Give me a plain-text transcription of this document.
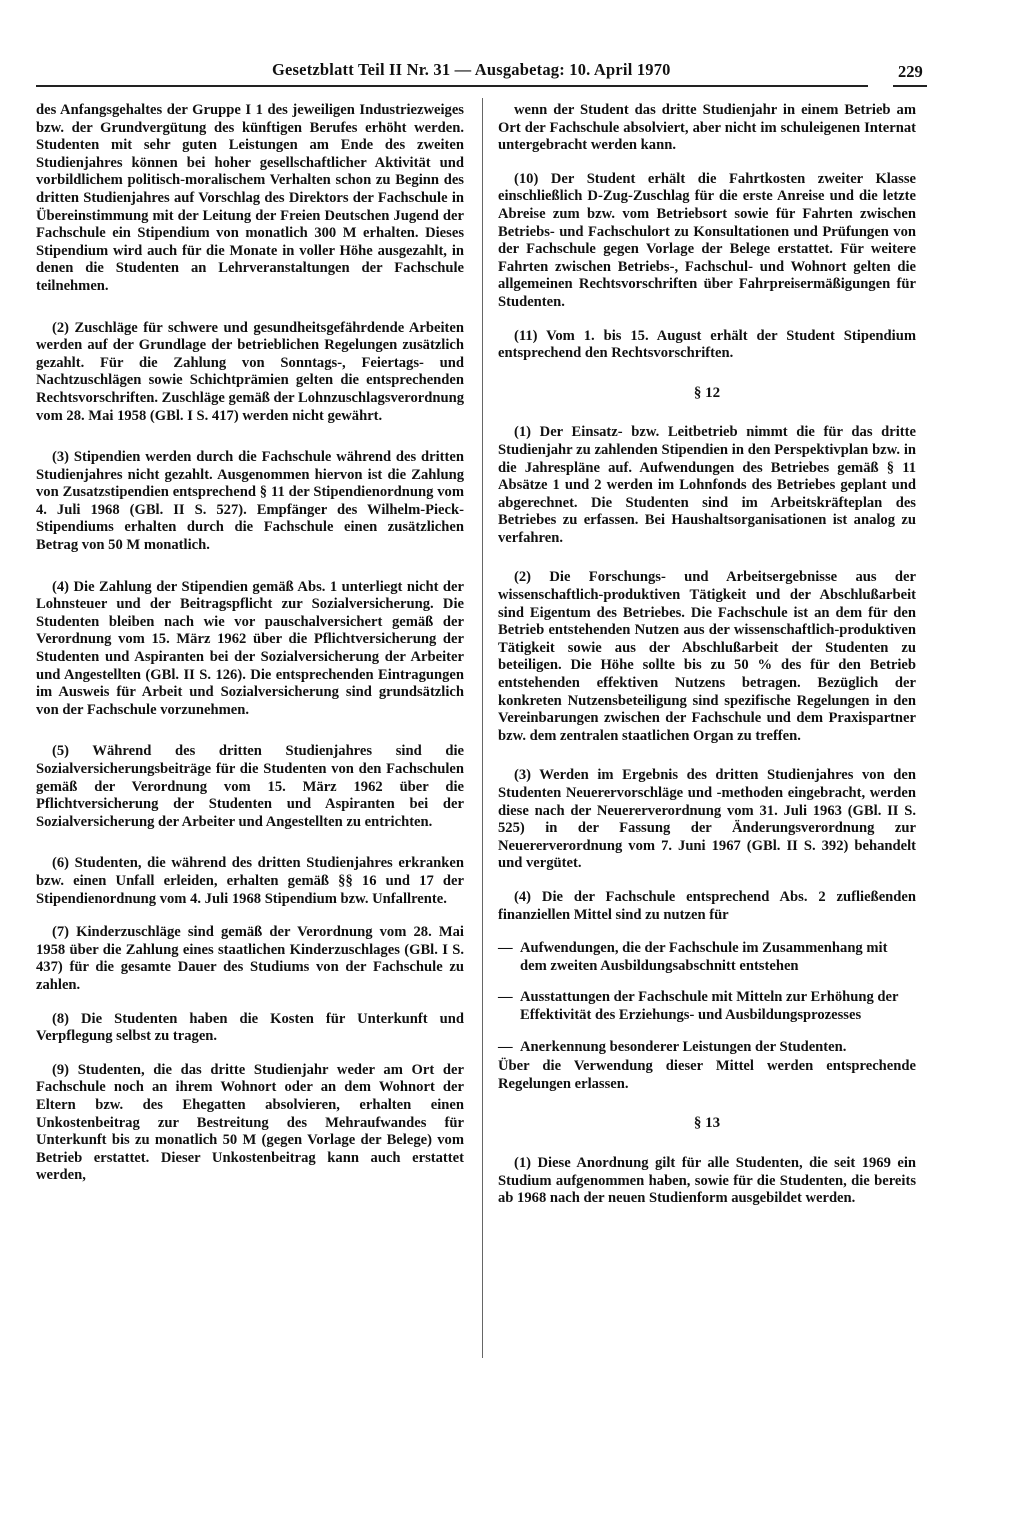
Gesetzblatt Teil II Nr. 31 — Ausgabetag: 10. April 1970	229

des Anfangsgehaltes der Gruppe I 1 des jeweiligen Industriezweiges bzw. der Grundvergütung des künftigen Berufes erhöht werden. Studenten mit sehr guten Leistungen am Ende des zweiten Studienjahres können bei hoher gesellschaftlicher Aktivität und vorbildlichem politisch-moralischem Verhalten schon zu Beginn des dritten Studienjahres auf Vorschlag des Direktors der Fachschule in Übereinstimmung mit der Leitung der Freien Deutschen Jugend der Fachschule ein Stipendium von monatlich 300 M erhalten. Dieses Stipendium wird auch für die Monate in voller Höhe ausgezahlt, in denen die Studenten an Lehrveranstaltungen der Fachschule teilnehmen.

(2) Zuschläge für schwere und gesundheitsgefährdende Arbeiten werden auf der Grundlage der betrieblichen Regelungen zusätzlich gezahlt. Für die Zahlung von Sonntags-, Feiertags- und Nachtzuschlägen sowie Schichtprämien gelten die entsprechenden Rechtsvorschriften. Zuschläge gemäß der Lohnzuschlagsverordnung vom 28. Mai 1958 (GBl. I S. 417) werden nicht gewährt.

(3) Stipendien werden durch die Fachschule während des dritten Studienjahres nicht gezahlt. Ausgenommen hiervon ist die Zahlung von Zusatzstipendien entsprechend § 11 der Stipendienordnung vom 4. Juli 1968 (GBl. II S. 527). Empfänger des Wilhelm-Pieck-Stipendiums erhalten durch die Fachschule einen zusätzlichen Betrag von 50 M monatlich.

(4) Die Zahlung der Stipendien gemäß Abs. 1 unterliegt nicht der Lohnsteuer und der Beitragspflicht zur Sozialversicherung. Die Studenten bleiben nach wie vor pauschalversichert gemäß der Verordnung vom 15. März 1962 über die Pflichtversicherung der Studenten und Aspiranten bei der Sozialversicherung der Arbeiter und Angestellten (GBl. II S. 126). Die entsprechenden Eintragungen im Ausweis für Arbeit und Sozialversicherung sind grundsätzlich von der Fachschule vorzunehmen.

(5) Während des dritten Studienjahres sind die Sozialversicherungsbeiträge für die Studenten von den Fachschulen gemäß der Verordnung vom 15. März 1962 über die Pflichtversicherung der Studenten und Aspiranten bei der Sozialversicherung der Arbeiter und Angestellten zu entrichten.

(6) Studenten, die während des dritten Studienjahres erkranken bzw. einen Unfall erleiden, erhalten gemäß §§ 16 und 17 der Stipendienordnung vom 4. Juli 1968 Stipendium bzw. Unfallrente.

(7) Kinderzuschläge sind gemäß der Verordnung vom 28. Mai 1958 über die Zahlung eines staatlichen Kinderzuschlages (GBl. I S. 437) für die gesamte Dauer des Studiums von der Fachschule zu zahlen.

(8) Die Studenten haben die Kosten für Unterkunft und Verpflegung selbst zu tragen.

(9) Studenten, die das dritte Studienjahr weder am Ort der Fachschule noch an ihrem Wohnort oder an dem Wohnort der Eltern bzw. des Ehegatten absolvieren, erhalten einen Unkostenbeitrag zur Bestreitung des Mehraufwandes für Unterkunft bis zu monatlich 50 M (gegen Vorlage der Belege) vom Betrieb erstattet. Dieser Unkostenbeitrag kann auch erstattet werden,

wenn der Student das dritte Studienjahr in einem Betrieb am Ort der Fachschule absolviert, aber nicht im schuleigenen Internat untergebracht werden kann.

(10) Der Student erhält die Fahrtkosten zweiter Klasse einschließlich D-Zug-Zuschlag für die erste Anreise und die letzte Abreise zum bzw. vom Betriebsort sowie für Fahrten zwischen Betriebs- und Fachschulort zu Konsultationen und Prüfungen von der Fachschule gegen Vorlage der Belege erstattet. Für weitere Fahrten zwischen Betriebs-, Fachschul- und Wohnort gelten die allgemeinen Rechtsvorschriften über Fahrpreisermäßigungen für Studenten.

(11) Vom 1. bis 15. August erhält der Student Stipendium entsprechend den Rechtsvorschriften.

§ 12

(1) Der Einsatz- bzw. Leitbetrieb nimmt die für das dritte Studienjahr zu zahlenden Stipendien in den Perspektivplan bzw. in die Jahrespläne auf. Aufwendungen des Betriebes gemäß § 11 Absätze 1 und 2 werden im Lohnfonds des Betriebes geplant und abgerechnet. Die Studenten sind im Arbeitskräfteplan des Betriebes zu erfassen. Bei Haushaltsorganisationen ist analog zu verfahren.

(2) Die Forschungs- und Arbeitsergebnisse aus der wissenschaftlich-produktiven Tätigkeit und der Abschlußarbeit sind Eigentum des Betriebes. Die Fachschule ist an dem für den Betrieb entstehenden Nutzen aus der wissenschaftlich-produktiven Tätigkeit sowie aus der Abschlußarbeit der Studenten zu beteiligen. Die Höhe sollte bis zu 50 % des für den Betrieb entstehenden effektiven Nutzens betragen. Bezüglich der konkreten Nutzensbeteiligung sind spezifische Regelungen in den Vereinbarungen zwischen der Fachschule und dem Praxispartner bzw. dem zentralen staatlichen Organ zu treffen.

(3) Werden im Ergebnis des dritten Studienjahres von den Studenten Neuerervorschläge und -methoden eingebracht, werden diese nach der Neuererverordnung vom 31. Juli 1963 (GBl. II S. 525) in der Fassung der Änderungsverordnung zur Neuererverordnung vom 7. Juni 1967 (GBl. II S. 392) behandelt und vergütet.

(4) Die der Fachschule entsprechend Abs. 2 zufließenden finanziellen Mittel sind zu nutzen für

— Aufwendungen, die der Fachschule im Zusammenhang mit dem zweiten Ausbildungsabschnitt entstehen
— Ausstattungen der Fachschule mit Mitteln zur Erhöhung der Effektivität des Erziehungs- und Ausbildungsprozesses
— Anerkennung besonderer Leistungen der Studenten.

Über die Verwendung dieser Mittel werden entsprechende Regelungen erlassen.

§ 13

(1) Diese Anordnung gilt für alle Studenten, die seit 1969 ein Studium aufgenommen haben, sowie für die Studenten, die bereits ab 1968 nach der neuen Studienform ausgebildet werden.
